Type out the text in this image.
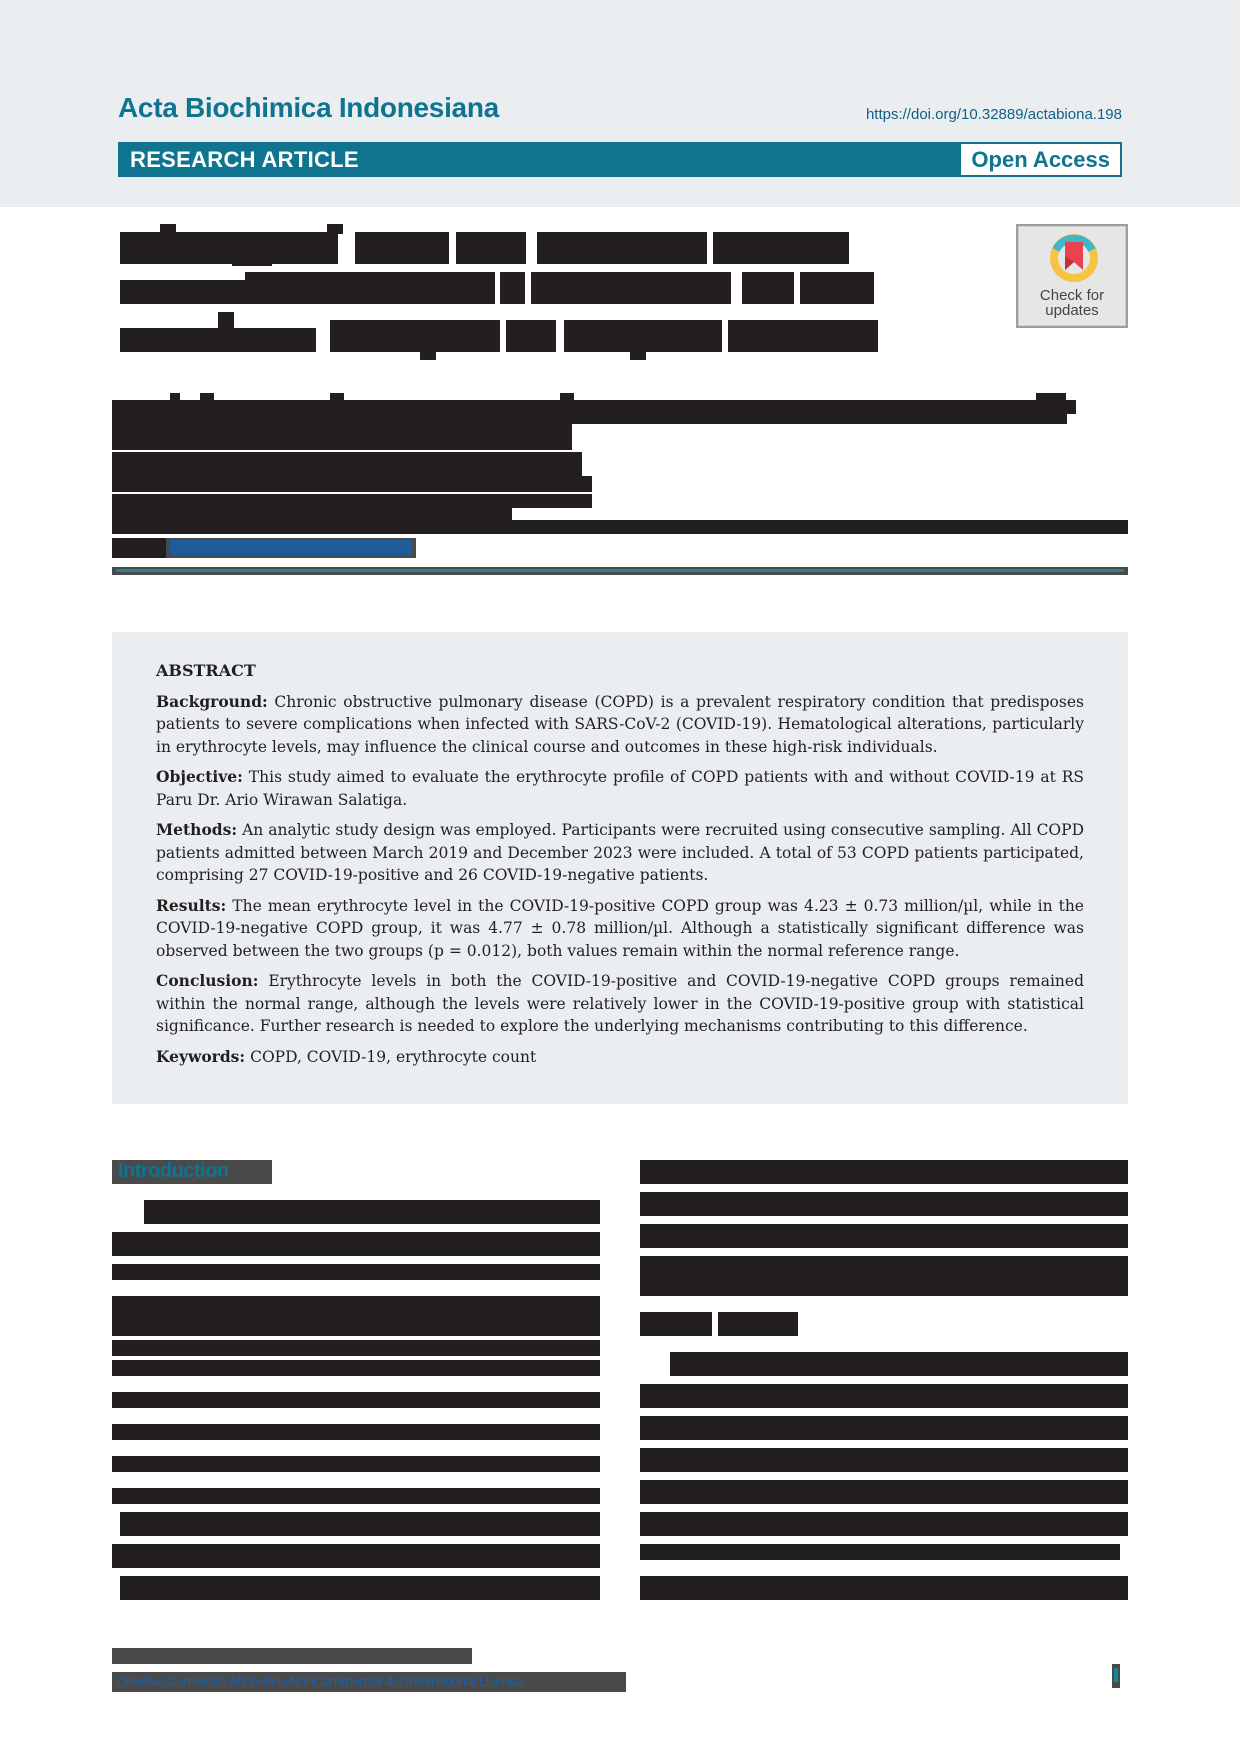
Acta Biochimica Indonesiana	https://doi.org/10.32889/actabiona.198
RESEARCH ARTICLE	Open Access
Check for
updates
ABSTRACT

Background: Chronic obstructive pulmonary disease (COPD) is a prevalent respiratory condition that predisposes patients to severe complications when infected with SARS-CoV-2 (COVID-19). Hematological alterations, particularly in erythrocyte levels, may influence the clinical course and outcomes in these high-risk individuals.

Objective: This study aimed to evaluate the erythrocyte profile of COPD patients with and without COVID-19 at RS Paru Dr. Ario Wirawan Salatiga.

Methods: An analytic study design was employed. Participants were recruited using consecutive sampling. All COPD patients admitted between March 2019 and December 2023 were included. A total of 53 COPD patients participated, comprising 27 COVID-19-positive and 26 COVID-19-negative patients.

Results: The mean erythrocyte level in the COVID-19-positive COPD group was 4.23 ± 0.73 million/µl, while in the COVID-19-negative COPD group, it was 4.77 ± 0.78 million/µl. Although a statistically significant difference was observed between the two groups (p = 0.012), both values remain within the normal reference range.

Conclusion: Erythrocyte levels in both the COVID-19-positive and COVID-19-negative COPD groups remained within the normal range, although the levels were relatively lower in the COVID-19-positive group with statistical significance. Further research is needed to explore the underlying mechanisms contributing to this difference.

Keywords: COPD, COVID-19, erythrocyte count

Introduction
Creative Commons Attribution-NonCommercial 4.0 International License
